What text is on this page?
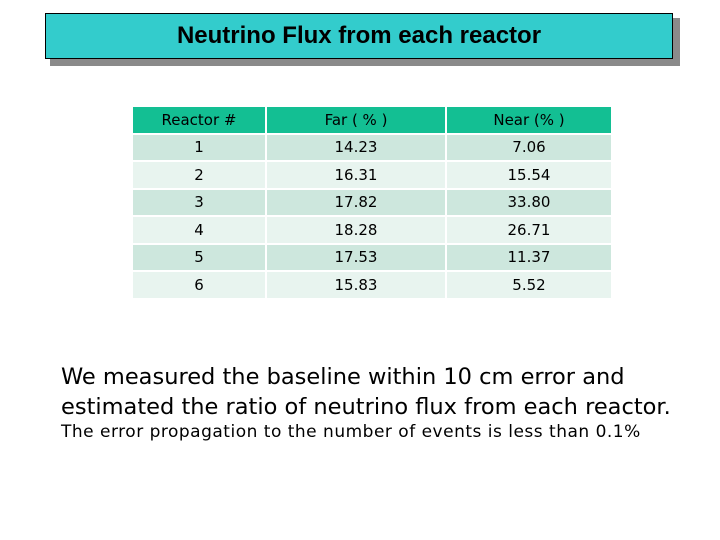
Neutrino Flux from each reactor
Reactor #	Far ( % )	Near (% )
1	14.23	7.06
2	16.31	15.54
3	17.82	33.80
4	18.28	26.71
5	17.53	11.37
6	15.83	5.52
We measured the baseline within 10 cm error and
estimated the ratio of neutrino flux from each reactor.
The error propagation to the number of events is less than 0.1%
